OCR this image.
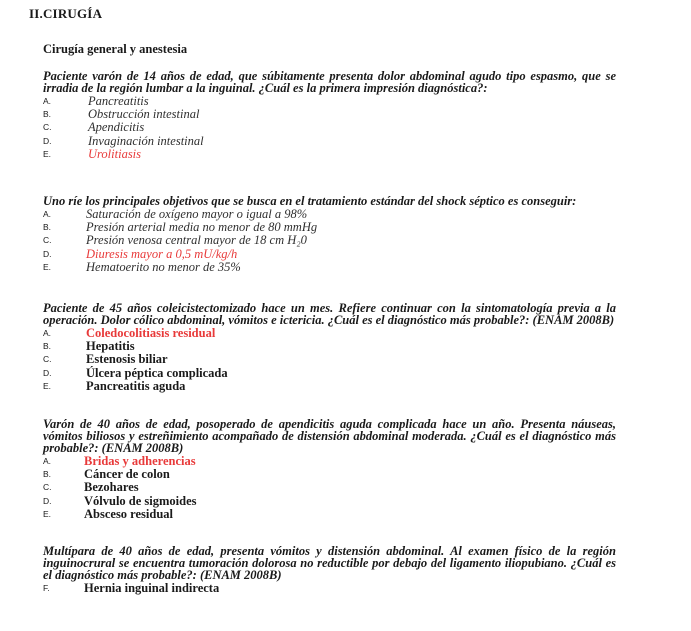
II.CIRUGÍA
Cirugía general y anestesia
Paciente varón de 14 años de edad, que súbitamente presenta dolor abdominal agudo tipo espasmo, que se irradia de la región lumbar a la inguinal. ¿Cuál es la primera impresión diagnóstica?:
A.	Pancreatitis
B.	Obstrucción intestinal
C.	Apendicitis
D.	Invaginación intestinal
E.	Urolitiasis
Uno ríe los principales objetivos que se busca en el tratamiento estándar del shock séptico es conseguir:
A.	Saturación de oxígeno mayor o igual a 98%
B.	Presión arterial media no menor de 80 mmHg
C.	Presión venosa central mayor de 18 cm H₂0
D.	Diuresis mayor a 0,5 mU/kg/h
E.	Hematoerito no menor de 35%
Paciente de 45 años coleicistectomizado hace un mes. Refiere continuar con la sintomatología previa a la operación. Dolor cólico abdominal, vómitos e ictericia. ¿Cuál es el diagnóstico más probable?: (ENAM 2008B)
A.	Coledocolitiasis residual
B.	Hepatitis
C.	Estenosis biliar
D.	Úlcera péptica complicada
E.	Pancreatitis aguda
Varón de 40 años de edad, posoperado de apendicitis aguda complicada hace un año. Presenta náuseas, vómitos biliosos y estreñimiento acompañado de distensión abdominal moderada. ¿Cuál es el diagnóstico más probable?: (ENAM 2008B)
A.	Bridas y adherencias
B.	Cáncer de colon
C.	Bezohares
D.	Vólvulo de sigmoides
E.	Absceso residual
Multípara de 40 años de edad, presenta vómitos y distensión abdominal. Al examen físico de la región inguinocrural se encuentra tumoración dolorosa no reductible por debajo del ligamento iliopubiano. ¿Cuál es el diagnóstico más probable?: (ENAM 2008B)
F.	Hernia inguinal indirecta
